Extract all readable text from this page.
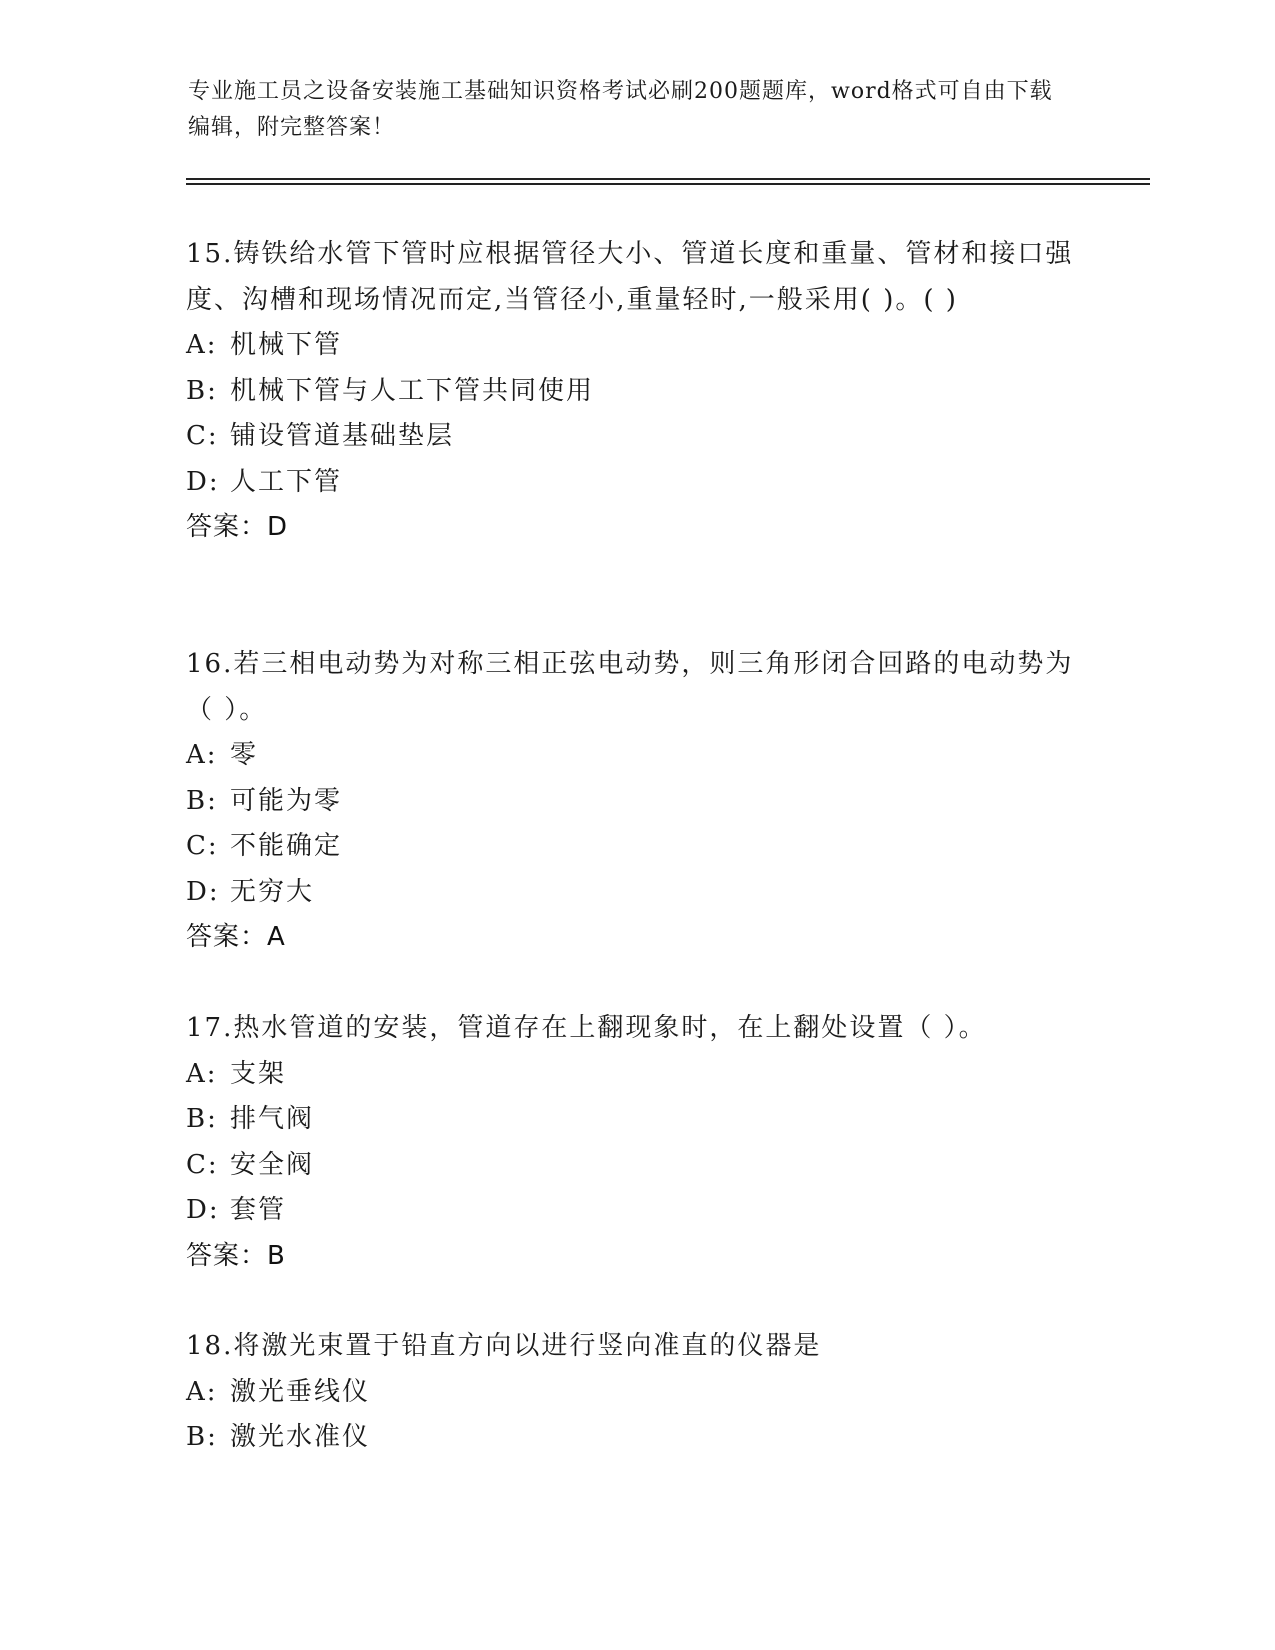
专业施工员之设备安装施工基础知识资格考试必刷200题题库，word格式可自由下载编辑，附完整答案！
15.铸铁给水管下管时应根据管径大小、管道长度和重量、管材和接口强度、沟槽和现场情况而定,当管径小,重量轻时,一般采用( )。( )
A: 机械下管
B: 机械下管与人工下管共同使用
C: 铺设管道基础垫层
D: 人工下管
答案：D
16.若三相电动势为对称三相正弦电动势，则三角形闭合回路的电动势为（ ）。
A: 零
B: 可能为零
C: 不能确定
D: 无穷大
答案：A
17.热水管道的安装，管道存在上翻现象时，在上翻处设置（ ）。
A: 支架
B: 排气阀
C: 安全阀
D: 套管
答案：B
18.将激光束置于铅直方向以进行竖向准直的仪器是
A: 激光垂线仪
B: 激光水准仪
